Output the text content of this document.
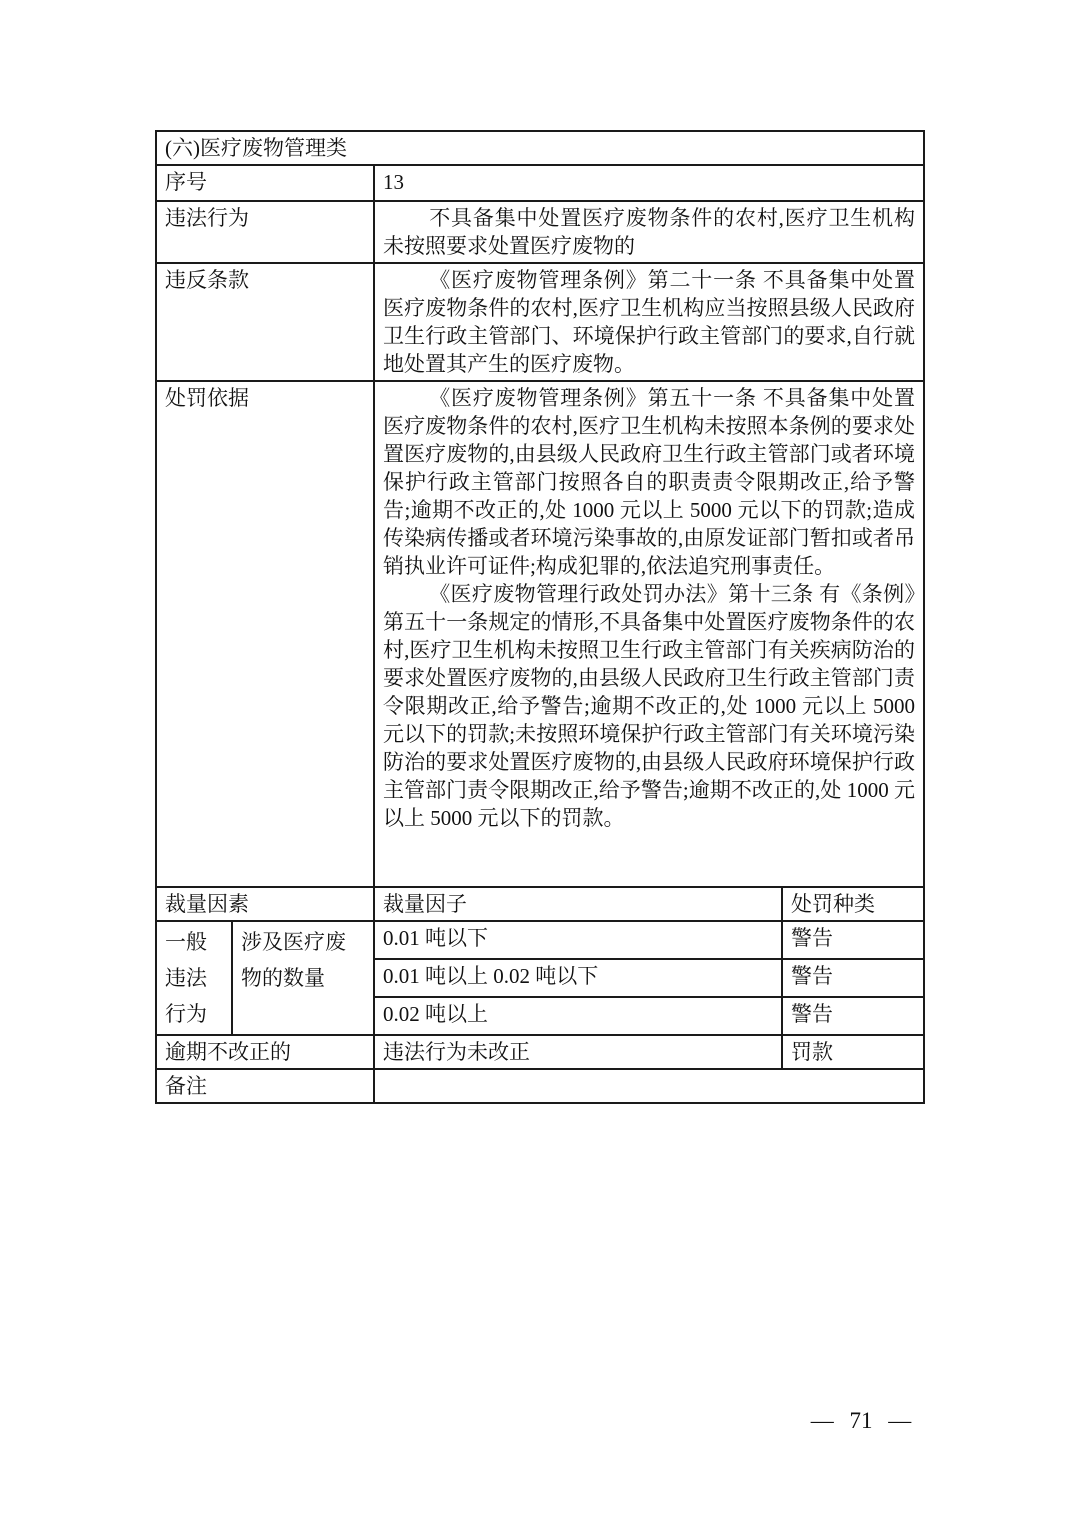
(六)医疗废物管理类			
序号		13	
违法行为		不具备集中处置医疗废物条件的农村,医疗卫生机构未按照要求处置医疗废物的	

违反条款		《医疗废物管理条例》第二十一条 不具备集中处置医疗废物条件的农村,医疗卫生机构应当按照县级人民政府卫生行政主管部门、环境保护行政主管部门的要求,自行就地处置其产生的医疗废物。	

处罚依据		《医疗废物管理条例》第五十一条 不具备集中处置医疗废物条件的农村,医疗卫生机构未按照本条例的要求处置医疗废物的,由县级人民政府卫生行政主管部门或者环境保护行政主管部门按照各自的职责责令限期改正,给予警告;逾期不改正的,处 1000 元以上 5000 元以下的罚款;造成传染病传播或者环境污染事故的,由原发证部门暂扣或者吊销执业许可证件;构成犯罪的,依法追究刑事责任。

《医疗废物管理行政处罚办法》第十三条 有《条例》第五十一条规定的情形,不具备集中处置医疗废物条件的农村,医疗卫生机构未按照卫生行政主管部门有关疾病防治的要求处置医疗废物的,由县级人民政府卫生行政主管部门责令限期改正,给予警告;逾期不改正的,处 1000 元以上 5000 元以下的罚款;未按照环境保护行政主管部门有关环境污染防治的要求处置医疗废物的,由县级人民政府环境保护行政主管部门责令限期改正,给予警告;逾期不改正的,处 1000 元以上 5000 元以下的罚款。	

裁量因素		裁量因子	处罚种类
一般违法行为	涉及医疗废物的数量	0.01 吨以下	警告
		0.01 吨以上 0.02 吨以下	警告
		0.02 吨以上	警告
逾期不改正的		违法行为未改正	罚款
备注			
— 71 —
